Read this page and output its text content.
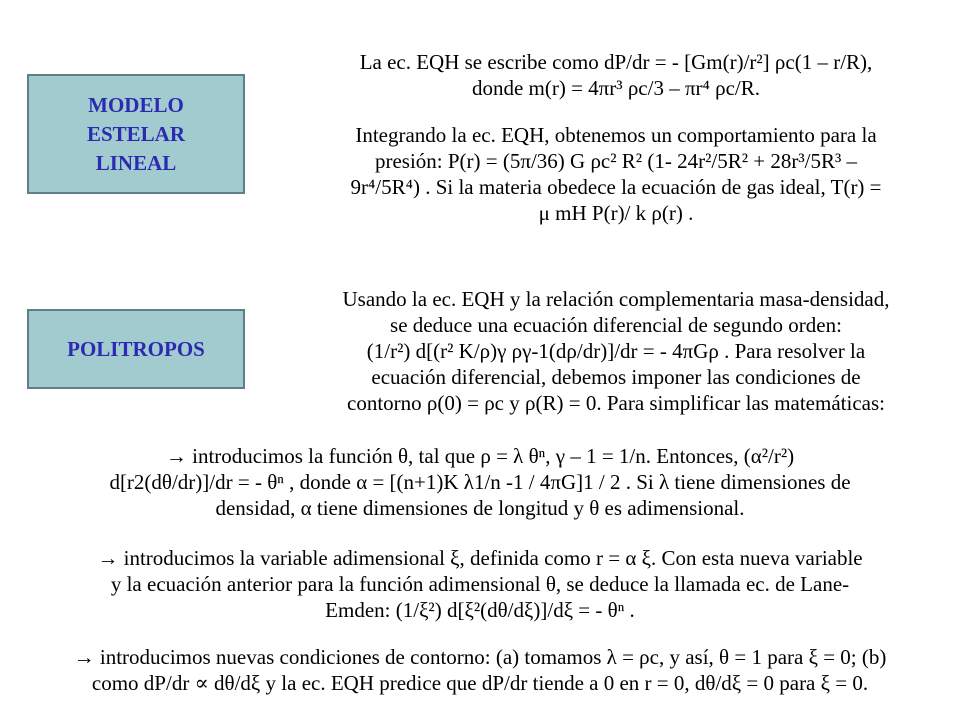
MODELO
ESTELAR
LINEAL
POLITROPOS
La ec. EQH se escribe como dP/dr = - [Gm(r)/r²] ρc(1 – r/R),
donde m(r) = 4πr³ ρc/3 – πr⁴ ρc/R.
Integrando la ec. EQH, obtenemos un comportamiento para la
presión: P(r) = (5π/36) G ρc² R² (1- 24r²/5R² + 28r³/5R³ –
9r⁴/5R⁴) . Si la materia obedece la ecuación de gas ideal, T(r) =
μ mH P(r)/ k ρ(r) .
Usando la ec. EQH y la relación complementaria masa-densidad,
se deduce una ecuación diferencial de segundo orden:
(1/r²) d[(r² K/ρ)γ ργ-1(dρ/dr)]/dr = - 4πGρ . Para resolver la
ecuación diferencial, debemos imponer las condiciones de
contorno ρ(0) = ρc y ρ(R) = 0. Para simplificar las matemáticas:
→ introducimos la función θ, tal que ρ = λ θⁿ, γ – 1 = 1/n. Entonces, (α²/r²)
d[r2(dθ/dr)]/dr = - θⁿ , donde α = [(n+1)K λ1/n -1 / 4πG]1 / 2 . Si λ tiene dimensiones de
densidad, α tiene dimensiones de longitud y θ es adimensional.
→ introducimos la variable adimensional ξ, definida como r = α ξ. Con esta nueva variable
y la ecuación anterior para la función adimensional θ, se deduce la llamada ec. de Lane-
Emden: (1/ξ²) d[ξ²(dθ/dξ)]/dξ = - θⁿ .
→ introducimos nuevas condiciones de contorno: (a) tomamos λ = ρc, y así, θ = 1 para ξ = 0; (b)
como dP/dr ∝ dθ/dξ y la ec. EQH predice que dP/dr tiende a 0 en r = 0, dθ/dξ = 0 para ξ = 0.
